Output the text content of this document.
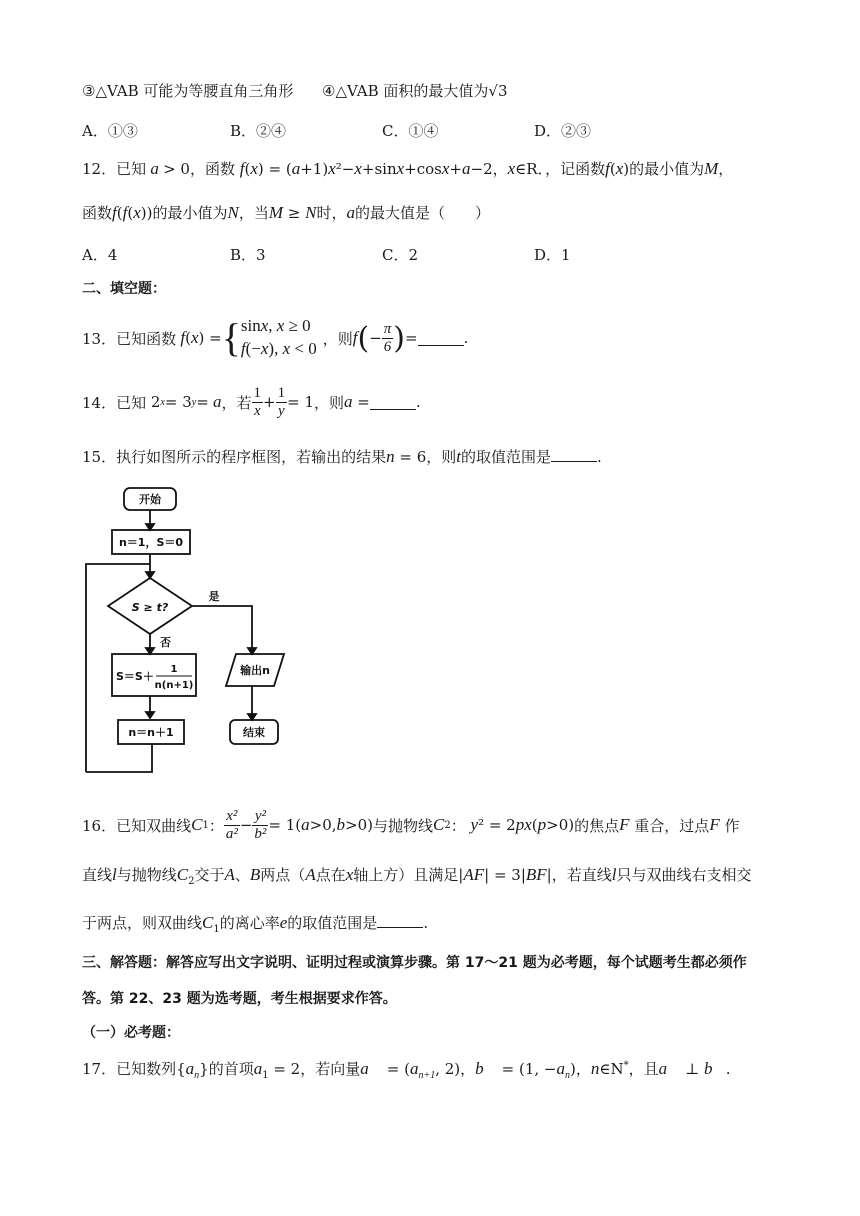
③△VAB 可能为等腰直角三角形 ④△VAB 面积的最大值为√3
A．①③	B．②④	C．①④	D．②③
12．已知 a > 0，函数 f(x) = (a+1)x²−x+sinx+cosx+a−2，x∈R．，记函数f(x)的最小值为M，
函数f(f(x))的最小值为N，当M ≥ N时，a的最大值是（　　）
A．4	B．3	C．2	D．1
二、填空题：
13．已知函数 f ( x ) = { sinx, x ≥ 0
f(−x), x < 0
，则 f ( − $\frac{\pi}{6}$ ) =	.
14．已知 2 x = 3 y = a ，若 $\frac{1}{x} + \frac{1}{y} = 1$ ，则 a =	.
15．执行如图所示的程序框图，若输出的结果n = 6，则t的取值范围是	.
开始
n＝1，S＝0
S ≥ t?
是
否
S＝S＋
1
n(n+1)
输出n
n＝n＋1	结束
16．已知双曲线 C 1 ： $\frac{\text{x²}}{\text{a²}} - \frac{\text{y²}}{\text{b²}} = 1$( a >0, b >0) 与抛物线 C 2 ： y ² = 2 px ( p >0) 的焦点 F
重合，过点 F
作
直线l与抛物线$C_2$交于A、B两点（A点在x轴上方）且满足|AF| = 3|BF|，若直线l只与双曲线右支相交
于两点，则双曲线$C_1$的离心率e的取值范围是	.
三、解答题：解答应写出文字说明、证明过程或演算步骤。第 17～21 题为必考题，每个试题考生都必须作
答。第 22、23 题为选考题，考生根据要求作答。
（一）必考题：
17．已知数列$\{a_n\}$的首项$a_1 = 2$，若向量a⃗ = ($a_{n+1}$, 2)，b⃗ = (1, $-a_n$)，n∈N*，且a⃗ ⊥ b⃗.
